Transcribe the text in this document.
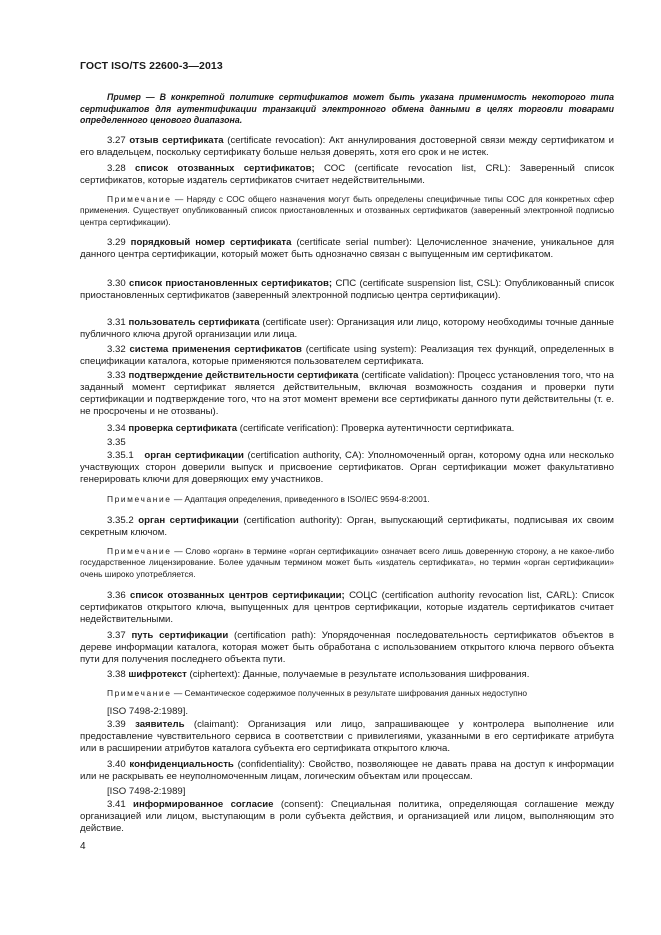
ГОСТ ISO/TS 22600-3—2013

Пример — В конкретной политике сертификатов может быть указана применимость некоторого типа сертификатов для аутентификации транзакций электронного обмена данными в целях торговли товарами определенного ценового диапазона.

3.27 отзыв сертификата (certificate revocation): Акт аннулирования достоверной связи между сертификатом и его владельцем, поскольку сертификату больше нельзя доверять, хотя его срок и не истек.

3.28 список отозванных сертификатов; СОС (certificate revocation list, CRL): Заверенный список сертификатов, которые издатель сертификатов считает недействительными.

Примечание — Наряду с СОС общего назначения могут быть определены специфичные типы СОС для конкретных сфер применения. Существует опубликованный список приостановленных и отозванных сертификатов (заверенный электронной подписью центра сертификации).

3.29 порядковый номер сертификата (certificate serial number): Целочисленное значение, уникальное для данного центра сертификации, который может быть однозначно связан с выпущенным им сертификатом.

3.30 список приостановленных сертификатов; СПС (certificate suspension list, CSL): Опубликованный список приостановленных сертификатов (заверенный электронной подписью центра сертификации).

3.31 пользователь сертификата (certificate user): Организация или лицо, которому необходимы точные данные публичного ключа другой организации или лица.

3.32 система применения сертификатов (certificate using system): Реализация тех функций, определенных в спецификации каталога, которые применяются пользователем сертификата.

3.33 подтверждение действительности сертификата (certificate validation): Процесс установления того, что на заданный момент сертификат является действительным, включая возможность создания и проверки пути сертификации и подтверждение того, что на этот момент времени все сертификаты данного пути действительны (т. е. не просрочены и не отозваны).

3.34 проверка сертификата (certificate verification): Проверка аутентичности сертификата.

3.35

3.35.1 орган сертификации (certification authority, CA): Уполномоченный орган, которому одна или несколько участвующих сторон доверили выпуск и присвоение сертификатов. Орган сертификации может факультативно генерировать ключи для доверяющих ему участников.

Примечание — Адаптация определения, приведенного в ISO/IEC 9594-8:2001.

3.35.2 орган сертификации (certification authority): Орган, выпускающий сертификаты, подписывая их своим секретным ключом.

Примечание — Слово «орган» в термине «орган сертификации» означает всего лишь доверенную сторону, а не какое-либо государственное лицензирование. Более удачным термином может быть «издатель сертификата», но термин «орган сертификации» очень широко употребляется.

3.36 список отозванных центров сертификации; СОЦС (certification authority revocation list, CARL): Список сертификатов открытого ключа, выпущенных для центров сертификации, которые издатель сертификатов считает недействительными.

3.37 путь сертификации (certification path): Упорядоченная последовательность сертификатов объектов в дереве информации каталога, которая может быть обработана с использованием открытого ключа первого объекта пути для получения последнего объекта пути.

3.38 шифротекст (ciphertext): Данные, получаемые в результате использования шифрования.

Примечание — Семантическое содержимое полученных в результате шифрования данных недоступно

[ISO 7498-2:1989].

3.39 заявитель (claimant): Организация или лицо, запрашивающее у контролера выполнение или предоставление чувствительного сервиса в соответствии с привилегиями, указанными в его сертификате атрибута или в расширении атрибутов каталога субъекта его сертификата открытого ключа.

3.40 конфиденциальность (confidentiality): Свойство, позволяющее не давать права на доступ к информации или не раскрывать ее неуполномоченным лицам, логическим объектам или процессам.

[ISO 7498-2:1989]

3.41 информированное согласие (consent): Специальная политика, определяющая соглашение между организацией или лицом, выступающим в роли субъекта действия, и организацией или лицом, выполняющим это действие.

4
